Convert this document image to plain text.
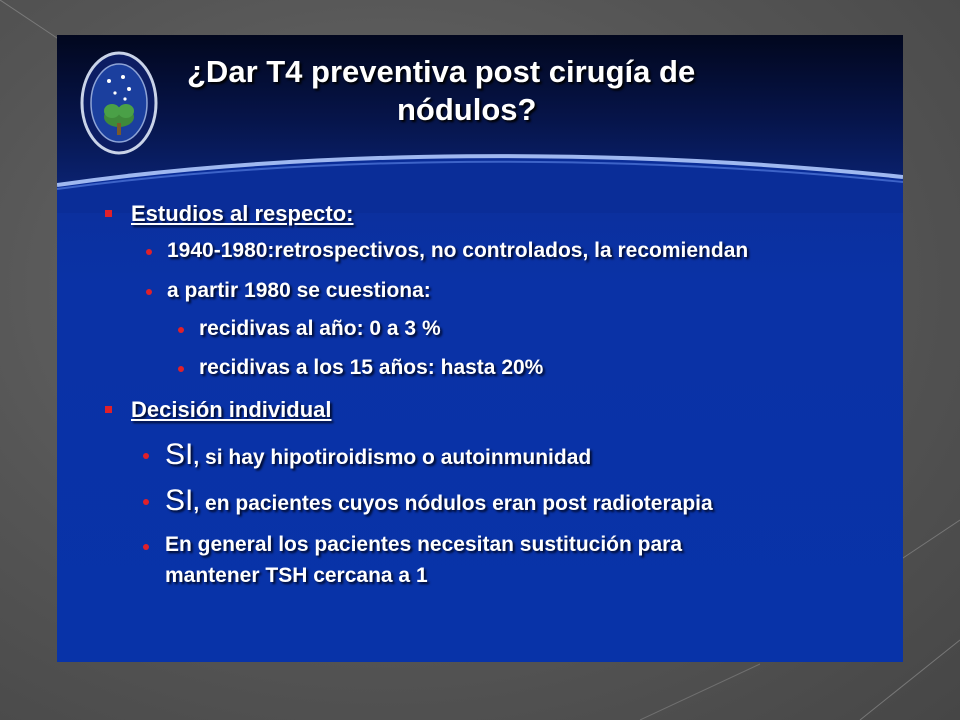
¿Dar T4 preventiva post cirugía de
nódulos?
Estudios al respecto:
1940-1980:retrospectivos, no controlados, la recomiendan
a partir 1980 se cuestiona:
recidivas al año: 0 a 3 %
recidivas a los 15 años: hasta 20%
Decisión individual
SI, si hay hipotiroidismo o autoinmunidad
SI, en pacientes cuyos nódulos eran post radioterapia
En general los pacientes necesitan sustitución para
mantener TSH cercana a 1
